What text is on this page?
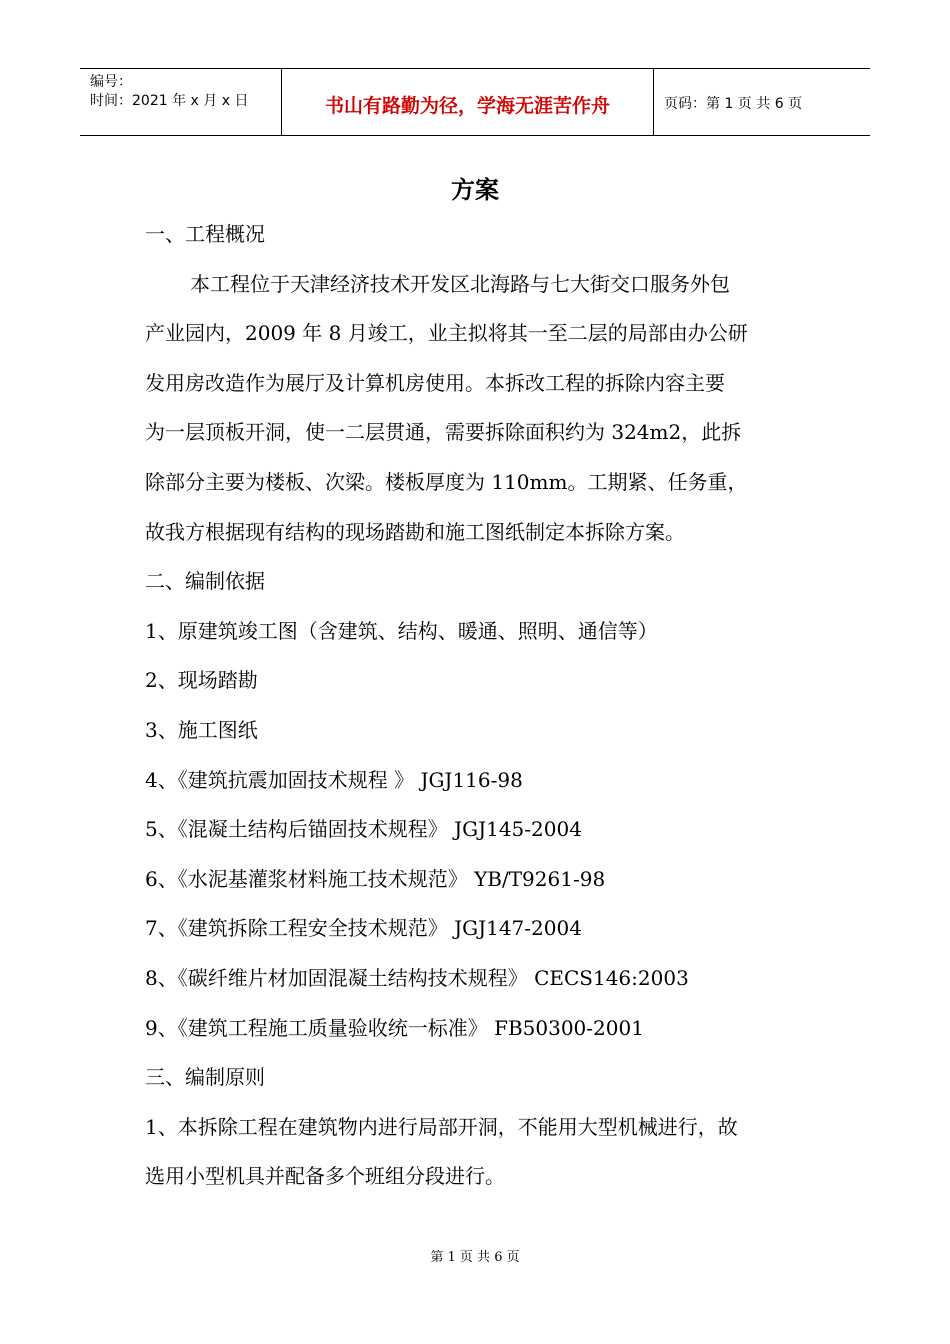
编号：
时间：2021 年 x 月 x 日	书山有路勤为径，学海无涯苦作舟	页码：第 1 页 共 6 页
方案

一、工程概况

本工程位于天津经济技术开发区北海路与七大街交口服务外包

产业园内，2009 年 8 月竣工，业主拟将其一至二层的局部由办公研

发用房改造作为展厅及计算机房使用。本拆改工程的拆除内容主要

为一层顶板开洞，使一二层贯通，需要拆除面积约为 324m2，此拆

除部分主要为楼板、次梁。楼板厚度为 110mm。工期紧、任务重，

故我方根据现有结构的现场踏勘和施工图纸制定本拆除方案。

二、编制依据

1、原建筑竣工图（含建筑、结构、暖通、照明、通信等）

2、现场踏勘

3、施工图纸

4、《建筑抗震加固技术规程 》 JGJ116-98

5、《混凝土结构后锚固技术规程》 JGJ145-2004

6、《水泥基灌浆材料施工技术规范》 YB/T9261-98

7、《建筑拆除工程安全技术规范》 JGJ147-2004

8、《碳纤维片材加固混凝土结构技术规程》 CECS146:2003

9、《建筑工程施工质量验收统一标准》 FB50300-2001

三、编制原则

1、本拆除工程在建筑物内进行局部开洞，不能用大型机械进行，故

选用小型机具并配备多个班组分段进行。

第 1 页 共 6 页
